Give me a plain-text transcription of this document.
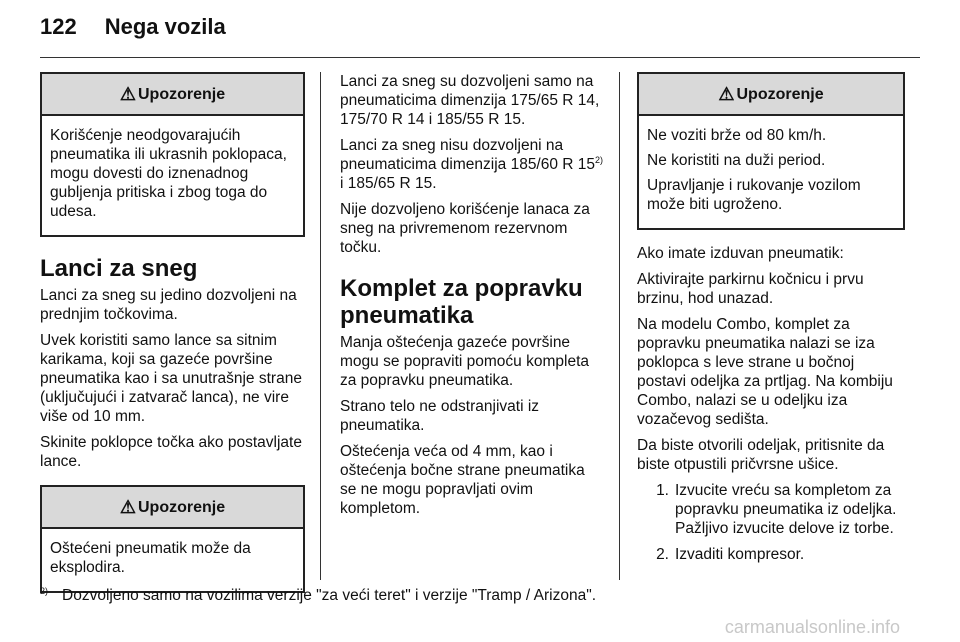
122 Nega vozila
⚠ Upozorenje

Korišćenje neodgovarajućih pneumatika ili ukrasnih poklopaca, mogu dovesti do iznenadnog gubljenja pritiska i zbog toga do udesa.

Lanci za sneg

Lanci za sneg su jedino dozvoljeni na prednjim točkovima.

Uvek koristiti samo lance sa sitnim karikama, koji sa gazeće površine pneumatika kao i sa unutrašnje strane (uključujući i zatvarač lanca), ne vire više od 10 mm.

Skinite poklopce točka ako postavljate lance.

⚠ Upozorenje

Oštećeni pneumatik može da eksplodira.

Lanci za sneg su dozvoljeni samo na pneumaticima dimenzija 175/65 R 14, 175/70 R 14 i 185/55 R 15.

Lanci za sneg nisu dozvoljeni na pneumaticima dimenzija 185/60 R 15$^{2)}$ i 185/65 R 15.

Nije dozvoljeno korišćenje lanaca za sneg na privremenom rezervnom točku.

Komplet za popravku pneumatika

Manja oštećenja gazeće površine mogu se popraviti pomoću kompleta za popravku pneumatika.

Strano telo ne odstranjivati iz pneumatika.

Oštećenja veća od 4 mm, kao i oštećenja bočne strane pneumatika se ne mogu popravljati ovim kompletom.

⚠ Upozorenje

Ne voziti brže od 80 km/h.

Ne koristiti na duži period.

Upravljanje i rukovanje vozilom može biti ugroženo.

Ako imate izduvan pneumatik:

Aktivirajte parkirnu kočnicu i prvu brzinu, hod unazad.

Na modelu Combo, komplet za popravku pneumatika nalazi se iza poklopca s leve strane u bočnoj postavi odeljka za prtljag. Na kombiju Combo, nalazi se u odeljku iza vozačevog sedišta.

Da biste otvorili odeljak, pritisnite da biste otpustili pričvrsne ušice.

1. Izvucite vreću sa kompletom za popravku pneumatika iz odeljka. Pažljivo izvucite delove iz torbe.
2. Izvaditi kompresor.
$^{2)}$ Dozvoljeno samo na vozilima verzije "za veći teret" i verzije "Tramp / Arizona".
carmanualsonline.info
